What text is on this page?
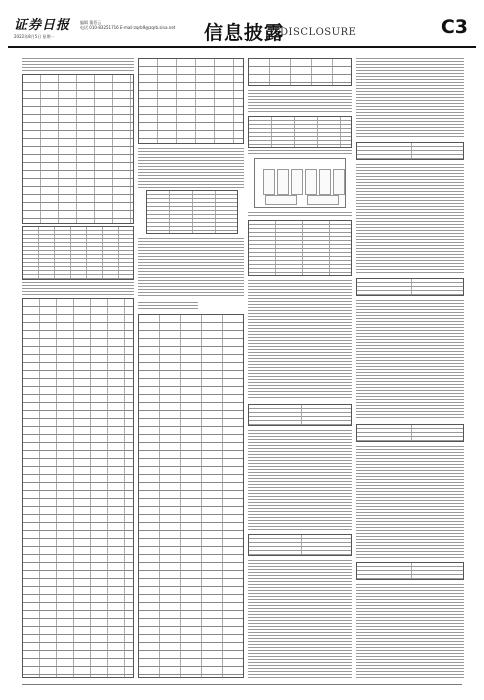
证券日报
2022年8月5日 星期一
编辑 董蓓云
电话 010-83251716 E-mail:zqrb9@zqrb.sina.net 信息披露
DISCLOSURE	C3
